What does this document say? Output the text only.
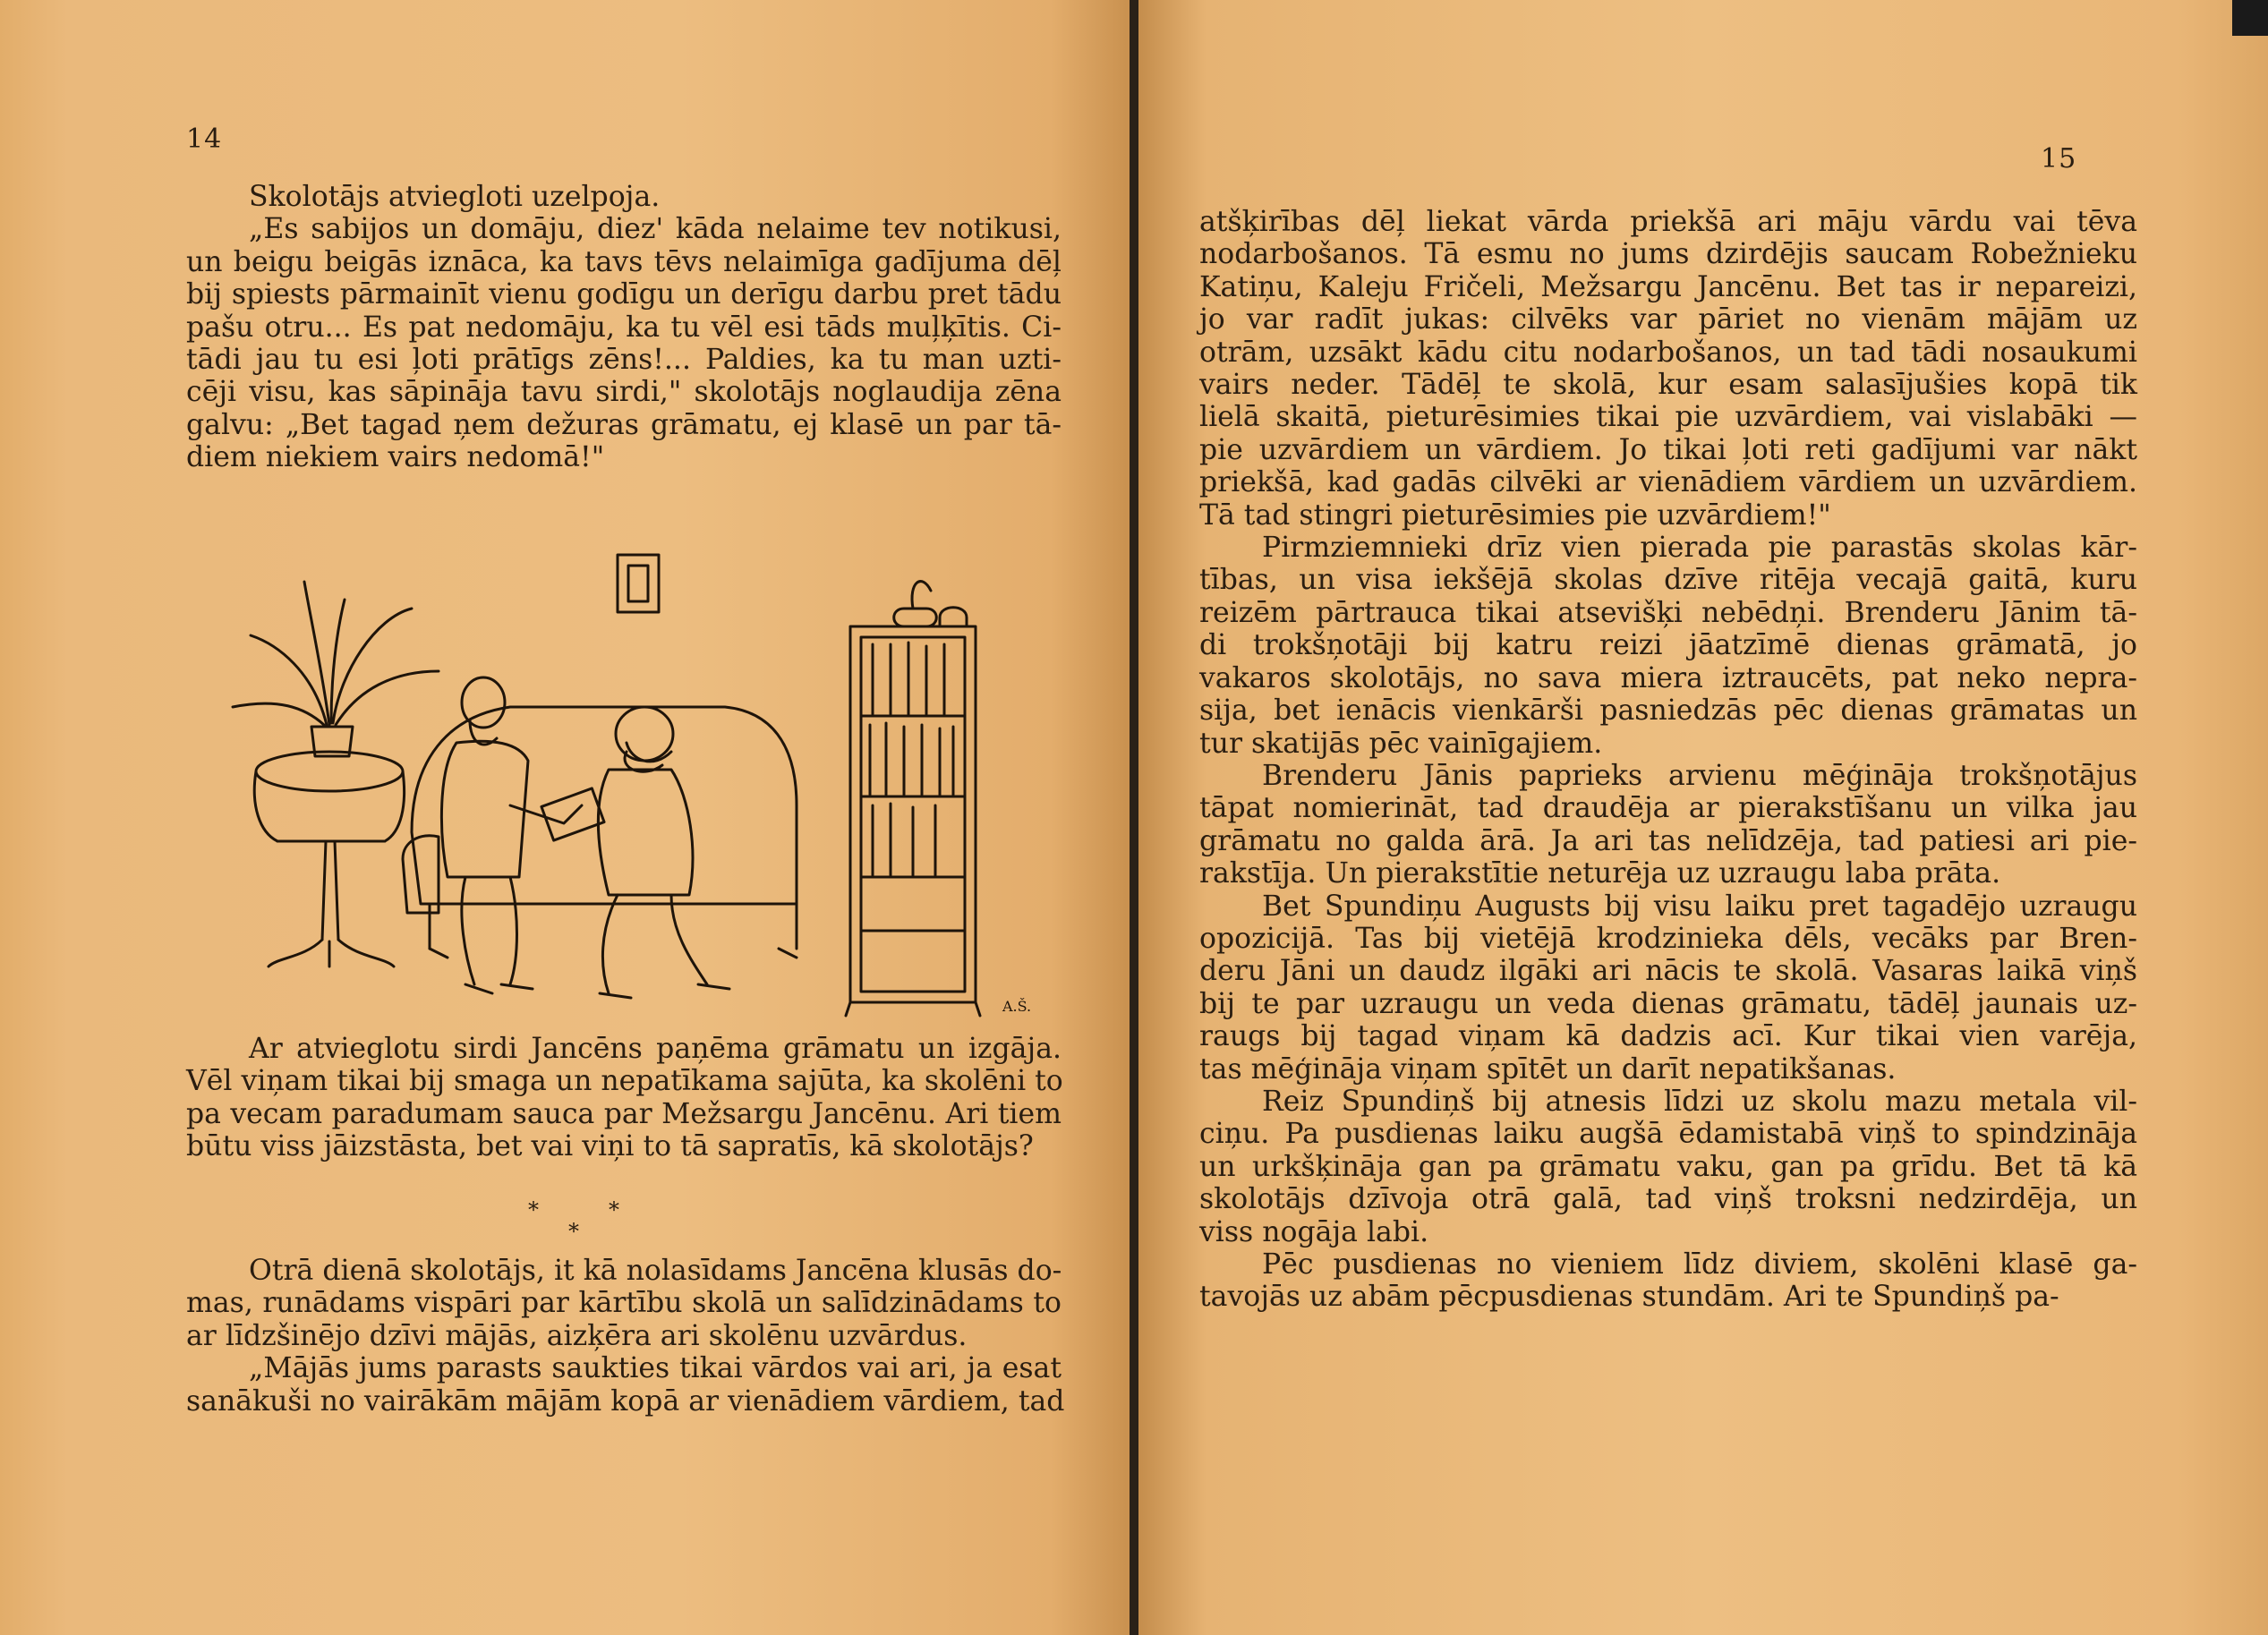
14

Skolotājs atviegloti uzelpoja.

„Es sabijos un domāju, diez' kāda nelaime tev notikusi,
un beigu beigās iznāca, ka tavs tēvs nelaimīga gadījuma dēļ
bij spiests pārmainīt vienu godīgu un derīgu darbu pret tādu
pašu otru... Es pat nedomāju, ka tu vēl esi tāds muļķītis. Ci-
tādi jau tu esi ļoti prātīgs zēns!... Paldies, ka tu man uzti-
cēji visu, kas sāpināja tavu sirdi," skolotājs noglaudija zēna
galvu: „Bet tagad ņem dežuras grāmatu, ej klasē un par tā-
diem niekiem vairs nedomā!"

A.Š.

Ar atvieglotu sirdi Jancēns paņēma grāmatu un izgāja.
Vēl viņam tikai bij smaga un nepatīkama sajūta, ka skolēni to
pa vecam paradumam sauca par Mežsargu Jancēnu. Ari tiem
būtu viss jāizstāsta, bet vai viņi to tā sapratīs, kā skolotājs?

*	*
*

Otrā dienā skolotājs, it kā nolasīdams Jancēna klusās do-
mas, runādams vispāri par kārtību skolā un salīdzinādams to
ar līdzšinējo dzīvi mājās, aizķēra ari skolēnu uzvārdus.

„Mājās jums parasts saukties tikai vārdos vai ari, ja esat
sanākuši no vairākām mājām kopā ar vienādiem vārdiem, tad

15

atšķirības dēļ liekat vārda priekšā ari māju vārdu vai tēva
nodarbošanos. Tā esmu no jums dzirdējis saucam Robežnieku
Katiņu, Kaleju Fričeli, Mežsargu Jancēnu. Bet tas ir nepareizi,
jo var radīt jukas: cilvēks var pāriet no vienām mājām uz
otrām, uzsākt kādu citu nodarbošanos, un tad tādi nosaukumi
vairs neder. Tādēļ te skolā, kur esam salasījušies kopā tik
lielā skaitā, pieturēsimies tikai pie uzvārdiem, vai vislabāki —
pie uzvārdiem un vārdiem. Jo tikai ļoti reti gadījumi var nākt
priekšā, kad gadās cilvēki ar vienādiem vārdiem un uzvārdiem.
Tā tad stingri pieturēsimies pie uzvārdiem!"

Pirmziemnieki drīz vien pierada pie parastās skolas kār-
tības, un visa iekšējā skolas dzīve ritēja vecajā gaitā, kuru
reizēm pārtrauca tikai atsevišķi nebēdņi. Brenderu Jānim tā-
di trokšņotāji bij katru reizi jāatzīmē dienas grāmatā, jo
vakaros skolotājs, no sava miera iztraucēts, pat neko nepra-
sija, bet ienācis vienkārši pasniedzās pēc dienas grāmatas un
tur skatijās pēc vainīgajiem.

Brenderu Jānis paprieks arvienu mēģināja trokšņotājus
tāpat nomierināt, tad draudēja ar pierakstīšanu un vilka jau
grāmatu no galda ārā. Ja ari tas nelīdzēja, tad patiesi ari pie-
rakstīja. Un pierakstītie neturēja uz uzraugu laba prāta.

Bet Spundiņu Augusts bij visu laiku pret tagadējo uzraugu
opozicijā. Tas bij vietējā krodzinieka dēls, vecāks par Bren-
deru Jāni un daudz ilgāki ari nācis te skolā. Vasaras laikā viņš
bij te par uzraugu un veda dienas grāmatu, tādēļ jaunais uz-
raugs bij tagad viņam kā dadzis acī. Kur tikai vien varēja,
tas mēģināja viņam spītēt un darīt nepatikšanas.

Reiz Spundiņš bij atnesis līdzi uz skolu mazu metala vil-
ciņu. Pa pusdienas laiku augšā ēdamistabā viņš to spindzināja
un urkšķināja gan pa grāmatu vaku, gan pa grīdu. Bet tā kā
skolotājs dzīvoja otrā galā, tad viņš troksni nedzirdēja, un
viss nogāja labi.

Pēc pusdienas no vieniem līdz diviem, skolēni klasē ga-
tavojās uz abām pēcpusdienas stundām. Ari te Spundiņš pa-
